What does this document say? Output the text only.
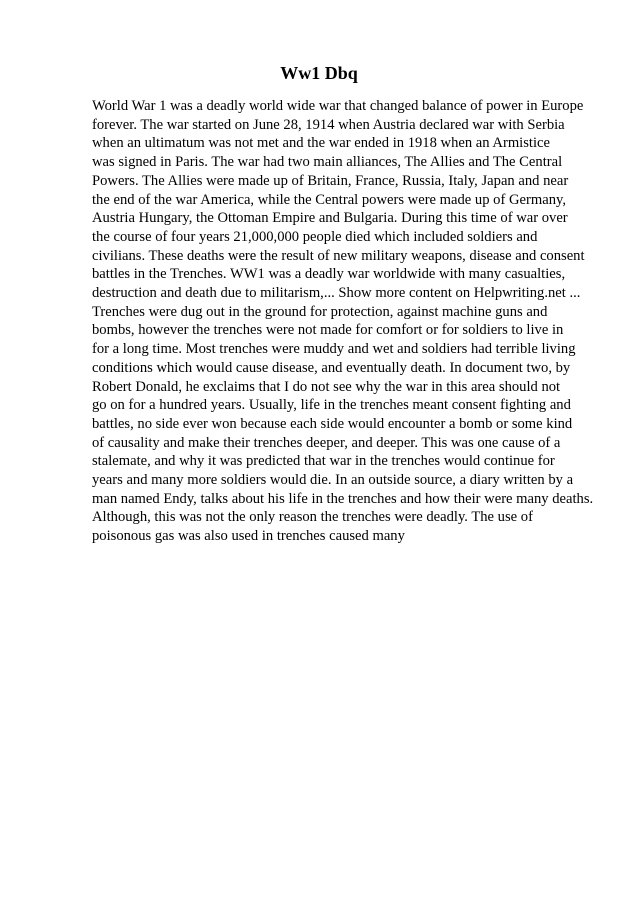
Ww1 Dbq
World War 1 was a deadly world wide war that changed balance of power in Europe
forever. The war started on June 28, 1914 when Austria declared war with Serbia
when an ultimatum was not met and the war ended in 1918 when an Armistice
was signed in Paris. The war had two main alliances, The Allies and The Central
Powers. The Allies were made up of Britain, France, Russia, Italy, Japan and near
the end of the war America, while the Central powers were made up of Germany,
Austria Hungary, the Ottoman Empire and Bulgaria. During this time of war over
the course of four years 21,000,000 people died which included soldiers and
civilians. These deaths were the result of new military weapons, disease and consent
battles in the Trenches. WW1 was a deadly war worldwide with many casualties,
destruction and death due to militarism,... Show more content on Helpwriting.net ...
Trenches were dug out in the ground for protection, against machine guns and
bombs, however the trenches were not made for comfort or for soldiers to live in
for a long time. Most trenches were muddy and wet and soldiers had terrible living
conditions which would cause disease, and eventually death. In document two, by
Robert Donald, he exclaims that I do not see why the war in this area should not
go on for a hundred years. Usually, life in the trenches meant consent fighting and
battles, no side ever won because each side would encounter a bomb or some kind
of causality and make their trenches deeper, and deeper. This was one cause of a
stalemate, and why it was predicted that war in the trenches would continue for
years and many more soldiers would die. In an outside source, a diary written by a
man named Endy, talks about his life in the trenches and how their were many deaths.
Although, this was not the only reason the trenches were deadly. The use of
poisonous gas was also used in trenches caused many
